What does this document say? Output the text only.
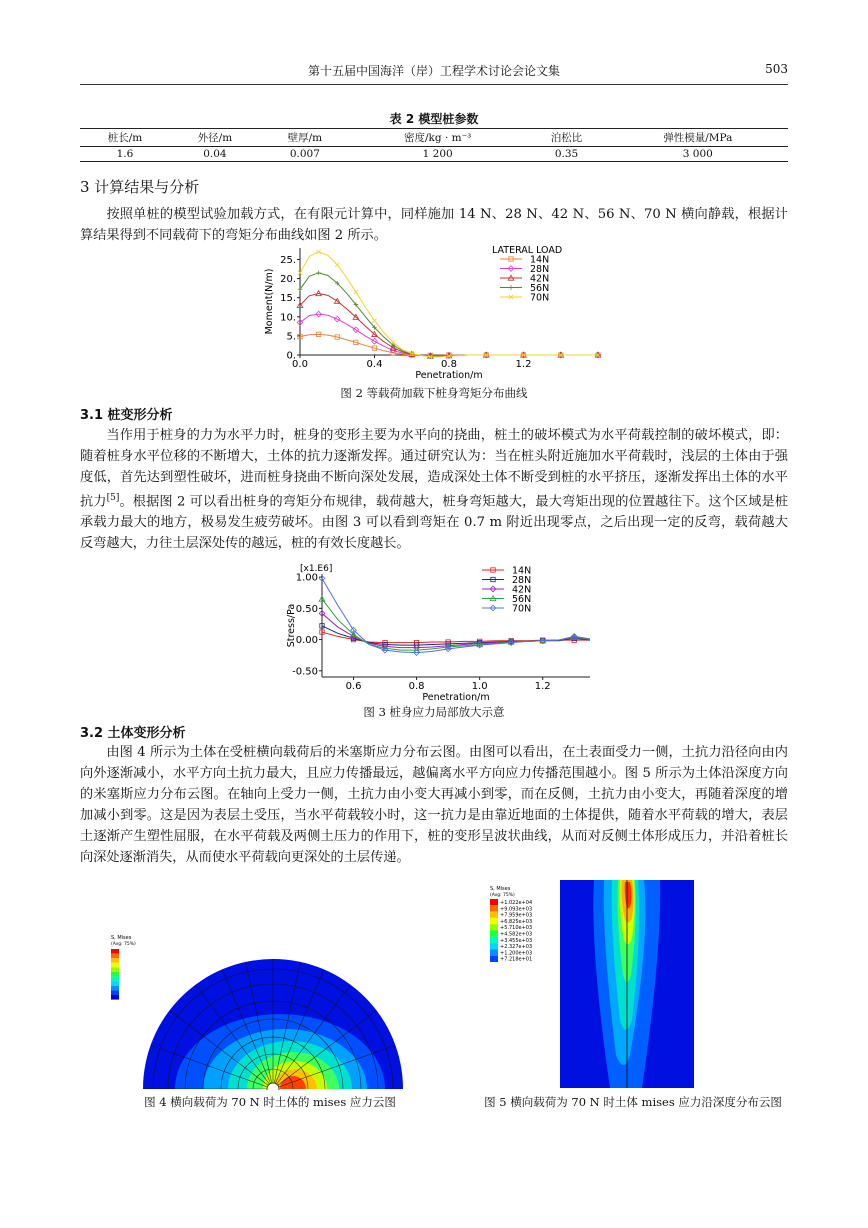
第十五届中国海洋（岸）工程学术讨论会论文集	503
表 2 模型桩参数
桩长/m	外径/m	壁厚/m	密度/kg · m⁻³	泊松比	弹性模量/MPa
1.6	0.04	0.007	1 200	0.35	3 000
3 计算结果与分析
按照单桩的模型试验加载方式，在有限元计算中，同样施加 14 N、28 N、42 N、56 N、70 N 横向静载，根据计算结果得到不同载荷下的弯矩分布曲线如图 2 所示。
0.0	0.4	0.8	1.2
0.
5.
10.
15.
20.
25.
Penetration/m
Moment(N/m)
LATERAL LOAD
14N
28N
42N
56N
70N
图 2 等载荷加载下桩身弯矩分布曲线
3.1 桩变形分析
当作用于桩身的力为水平力时，桩身的变形主要为水平向的挠曲，桩土的破坏模式为水平荷载控制的破坏模式，即：随着桩身水平位移的不断增大，土体的抗力逐渐发挥。通过研究认为：当在桩头附近施加水平荷载时，浅层的土体由于强度低，首先达到塑性破坏，进而桩身挠曲不断向深处发展，造成深处土体不断受到桩的水平挤压，逐渐发挥出土体的水平抗力[5]。根据图 2 可以看出桩身的弯矩分布规律，载荷越大，桩身弯矩越大，最大弯矩出现的位置越往下。这个区域是桩承载力最大的地方，极易发生疲劳破坏。由图 3 可以看到弯矩在 0.7 m 附近出现零点，之后出现一定的反弯，载荷越大反弯越大，力往土层深处传的越远，桩的有效长度越长。
0.6	0.8	1.0	1.2
-0.50
0.00
0.50
1.00
Penetration/m
Stress/Pa
[x1.E6]	14N
28N
42N
56N
70N
图 3 桩身应力局部放大示意
3.2 土体变形分析
由图 4 所示为土体在受桩横向载荷后的米塞斯应力分布云图。由图可以看出，在土表面受力一侧，土抗力沿径向由内向外逐渐减小，水平方向土抗力最大，且应力传播最远，越偏离水平方向应力传播范围越小。图 5 所示为土体沿深度方向的米塞斯应力分布云图。在轴向上受力一侧，土抗力由小变大再减小到零，而在反侧，土抗力由小变大，再随着深度的增加减小到零。这是因为表层土受压，当水平荷载较小时，这一抗力是由靠近地面的土体提供，随着水平荷载的增大，表层土逐渐产生塑性屈服，在水平荷载及两侧土压力的作用下，桩的变形呈波状曲线，从而对反侧土体形成压力，并沿着桩长向深处逐渐消失，从而使水平荷载向更深处的土层传递。
S, Mises
(Avg: 75%)
图 4 横向载荷为 70 N 时土体的 mises 应力云图
S, Mises
(Avg: 75%)
+1.022e+04
+9.093e+03
+7.959e+03
+6.825e+03
+5.710e+03
+4.582e+03
+3.455e+03
+2.327e+03
+1.200e+03
+7.218e+01
图 5 横向载荷为 70 N 时土体 mises 应力沿深度分布云图
